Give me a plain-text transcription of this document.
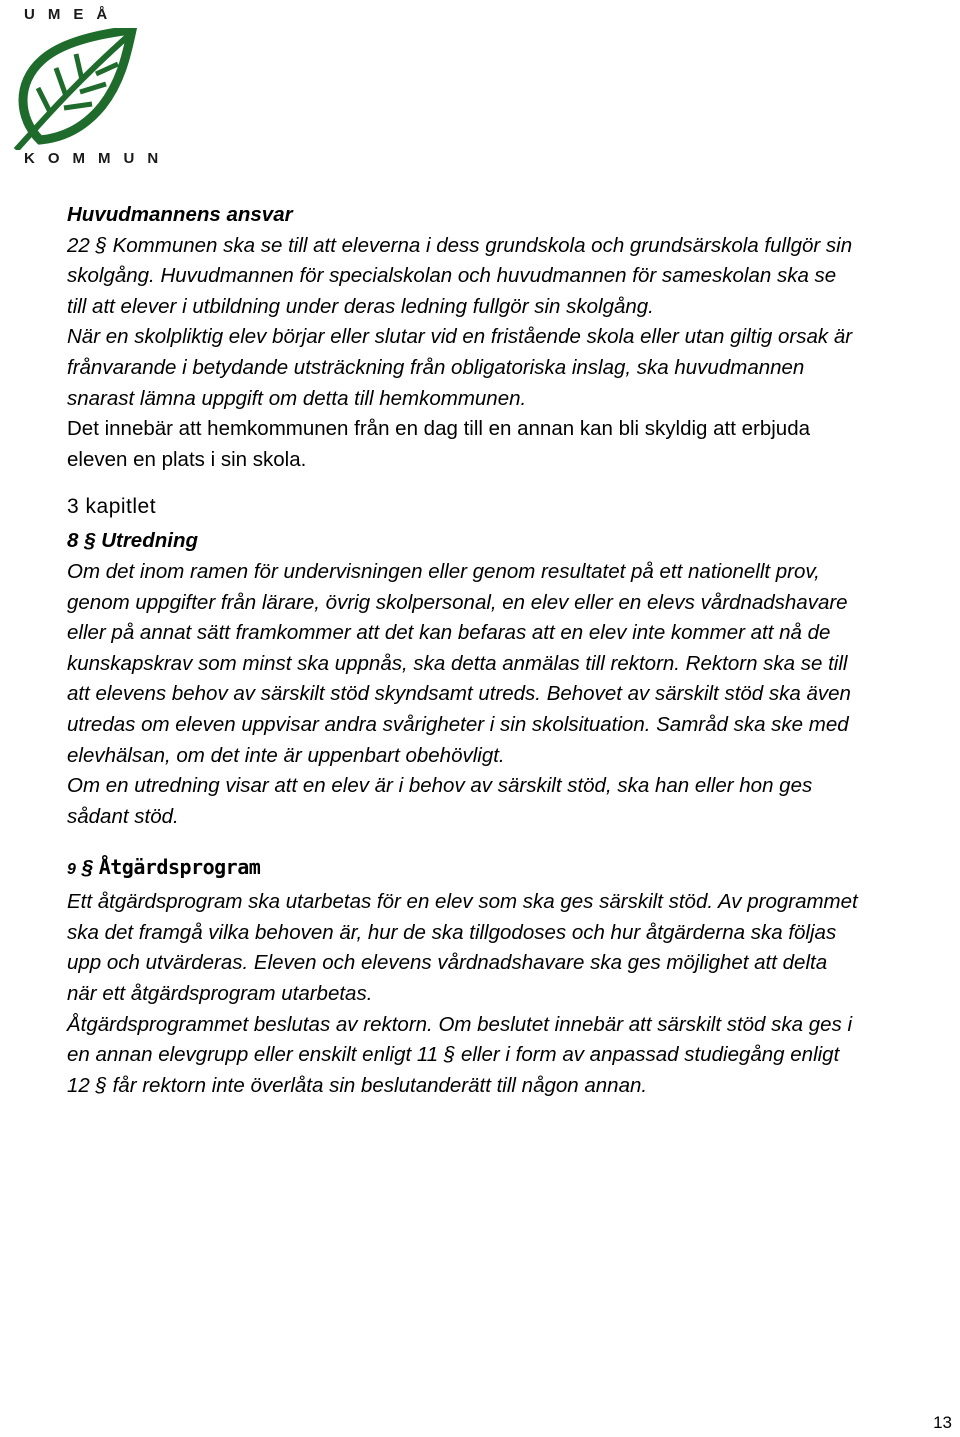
UMEÅ
KOMMUN
Huvudmannens ansvar
22 § Kommunen ska se till att eleverna i dess grundskola och grundsärskola fullgör sin
skolgång. Huvudmannen för specialskolan och huvudmannen för sameskolan ska se
till att elever i utbildning under deras ledning fullgör sin skolgång.
När en skolpliktig elev börjar eller slutar vid en fristående skola eller utan giltig orsak är
frånvarande i betydande utsträckning från obligatoriska inslag, ska huvudmannen
snarast lämna uppgift om detta till hemkommunen.
Det innebär att hemkommunen från en dag till en annan kan bli skyldig att erbjuda
eleven en plats i sin skola.
3 kapitlet
8 § Utredning
Om det inom ramen för undervisningen eller genom resultatet på ett nationellt prov,
genom uppgifter från lärare, övrig skolpersonal, en elev eller en elevs vårdnadshavare
eller på annat sätt framkommer att det kan befaras att en elev inte kommer att nå de
kunskapskrav som minst ska uppnås, ska detta anmälas till rektorn. Rektorn ska se till
att elevens behov av särskilt stöd skyndsamt utreds. Behovet av särskilt stöd ska även
utredas om eleven uppvisar andra svårigheter i sin skolsituation. Samråd ska ske med
elevhälsan, om det inte är uppenbart obehövligt.
Om en utredning visar att en elev är i behov av särskilt stöd, ska han eller hon ges
sådant stöd.
9 § Åtgärdsprogram
Ett åtgärdsprogram ska utarbetas för en elev som ska ges särskilt stöd. Av programmet
ska det framgå vilka behoven är, hur de ska tillgodoses och hur åtgärderna ska följas
upp och utvärderas. Eleven och elevens vårdnadshavare ska ges möjlighet att delta
när ett åtgärdsprogram utarbetas.
Åtgärdsprogrammet beslutas av rektorn. Om beslutet innebär att särskilt stöd ska ges i
en annan elevgrupp eller enskilt enligt 11 § eller i form av anpassad studiegång enligt
12 § får rektorn inte överlåta sin beslutanderätt till någon annan.
13
